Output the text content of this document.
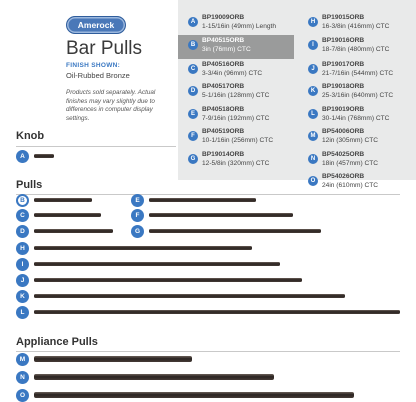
Amerock
Bar Pulls
FINISH SHOWN:
Oil-Rubbed Bronze
Products sold separately. Actual finishes may vary slightly due to differences in computer display settings.
A
BP19009ORB
1-15/16in (49mm) Length
B
BP40515ORB
3in (76mm) CTC
C
BP40516ORB
3-3/4in (96mm) CTC
D
BP40517ORB
5-1/16in (128mm) CTC
E
BP40518ORB
7-9/16in (192mm) CTC
F
BP40519ORB
10-1/16in (256mm) CTC
G
BP19014ORB
12-5/8in (320mm) CTC
H
BP19015ORB
16-3/8in (416mm) CTC
I
BP19016ORB
18-7/8in (480mm) CTC
J
BP19017ORB
21-7/16in (544mm) CTC
K
BP19018ORB
25-3/16in (640mm) CTC
L
BP19019ORB
30-1/4in (768mm) CTC
M
BP54006ORB
12in (305mm) CTC
N
BP54025ORB
18in (457mm) CTC
O
BP54026ORB
24in (610mm) CTC
Knob
A
Pulls
B
C
D
E
F
G
H
I
J
K
L
Appliance Pulls
M
N
O
